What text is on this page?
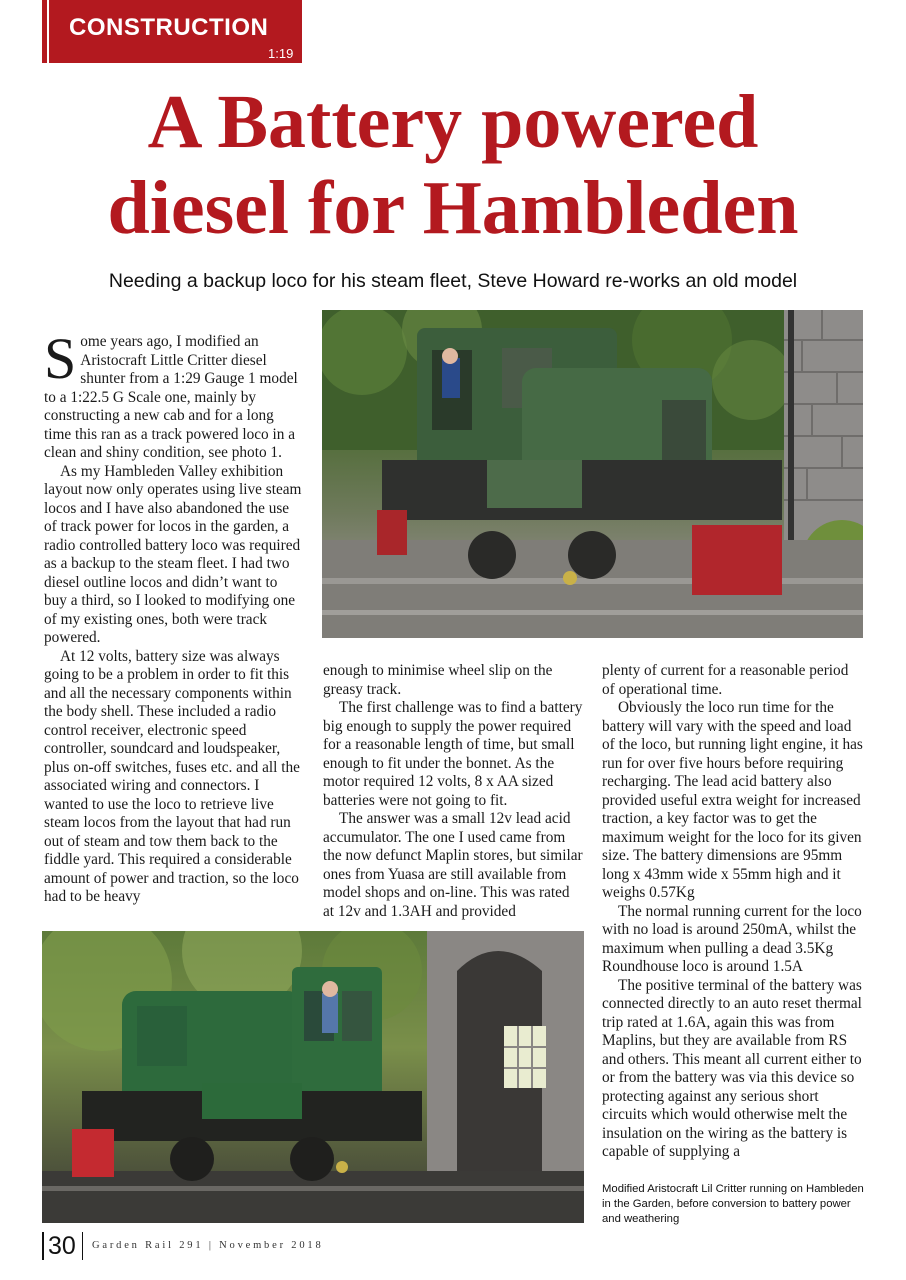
CONSTRUCTION
1:19
A Battery powered
diesel for Hambleden
Needing a backup loco for his steam fleet, Steve Howard re-works an old model

Some years ago, I modified an Aristocraft Little Critter diesel shunter from a 1:29 Gauge 1 model to a 1:22.5 G Scale one, mainly by constructing a new cab and for a long time this ran as a track powered loco in a clean and shiny condition, see photo 1.

As my Hambleden Valley exhibition layout now only operates using live steam locos and I have also abandoned the use of track power for locos in the garden, a radio controlled battery loco was required as a backup to the steam fleet. I had two diesel outline locos and didn’t want to buy a third, so I looked to modifying one of my existing ones, both were track powered.

At 12 volts, battery size was always going to be a problem in order to fit this and all the necessary components within the body shell. These included a radio control receiver, electronic speed controller, soundcard and loudspeaker, plus on-off switches, fuses etc. and all the associated wiring and connectors. I wanted to use the loco to retrieve live steam locos from the layout that had run out of steam and tow them back to the fiddle yard. This required a considerable amount of power and traction, so the loco had to be heavy

enough to minimise wheel slip on the greasy track.

The first challenge was to find a battery big enough to supply the power required for a reasonable length of time, but small enough to fit under the bonnet. As the motor required 12 volts, 8 x AA sized batteries were not going to fit.

The answer was a small 12v lead acid accumulator. The one I used came from the now defunct Maplin stores, but similar ones from Yuasa are still available from model shops and on-line. This was rated at 12v and 1.3AH and provided

plenty of current for a reasonable period of operational time.

Obviously the loco run time for the battery will vary with the speed and load of the loco, but running light engine, it has run for over five hours before requiring recharging. The lead acid battery also provided useful extra weight for increased traction, a key factor was to get the maximum weight for the loco for its given size. The battery dimensions are 95mm long x 43mm wide x 55mm high and it weighs 0.57Kg

The normal running current for the loco with no load is around 250mA, whilst the maximum when pulling a dead 3.5Kg Roundhouse loco is around 1.5A

The positive terminal of the battery was connected directly to an auto reset thermal trip rated at 1.6A, again this was from Maplins, but they are available from RS and others. This meant all current either to or from the battery was via this device so protecting against any serious short circuits which would otherwise melt the insulation on the wiring as the battery is capable of supplying a

Modified Aristocraft Lil Critter running on Hambleden in the Garden, before conversion to battery power and weathering
30 Garden Rail 291 | November 2018
